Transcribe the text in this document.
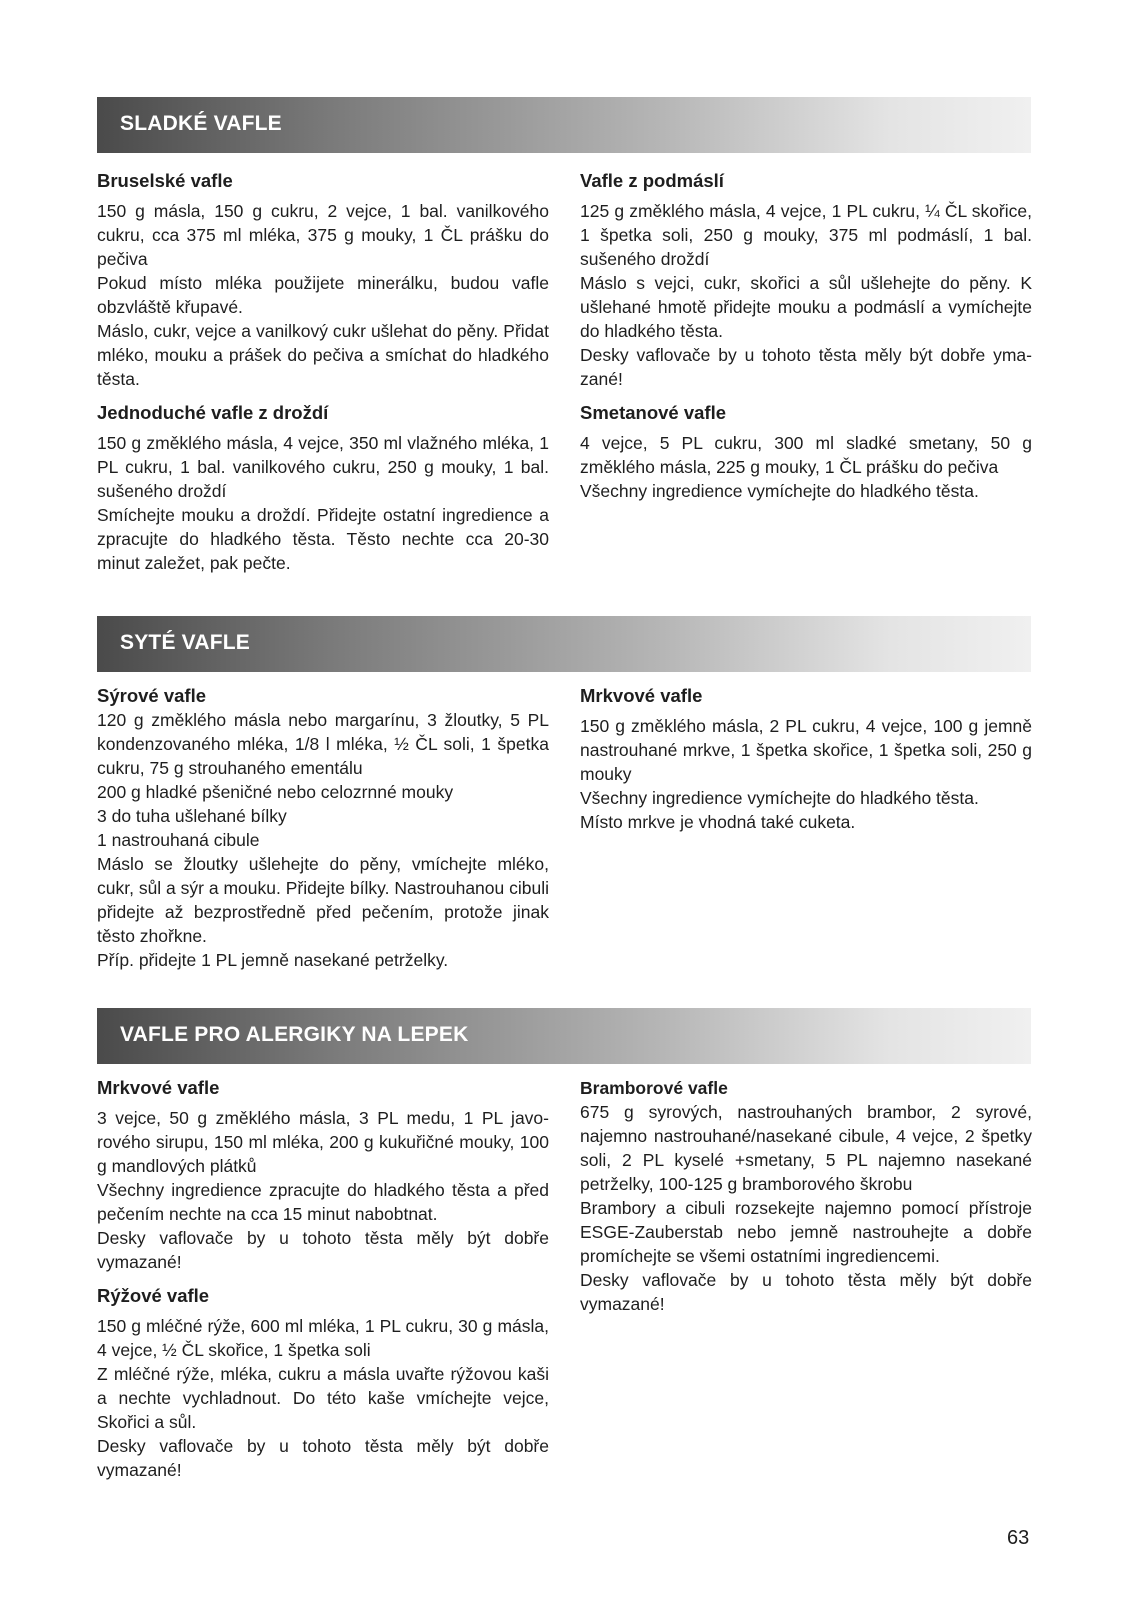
SLADKÉ VAFLE
Bruselské vafle

150 g másla, 150 g cukru, 2 vejce, 1 bal. vanilkového cukru, cca 375 ml mléka, 375 g mouky, 1 ČL prášku do pečiva

Pokud místo mléka použijete minerálku, budou vafle obzvláště křupavé.

Máslo, cukr, vejce a vanilkový cukr ušlehat do pěny. Přidat mléko, mouku a prášek do pečiva a smíchat do hladkého těsta.

Jednoduché vafle z droždí

150 g změklého másla, 4 vejce, 350 ml vlažného mléka, 1 PL cukru, 1 bal. vanilkového cukru, 250 g mouky, 1 bal. sušeného droždí

Smíchejte mouku a droždí. Přidejte ostatní ingredience a zpracujte do hladkého těsta. Těsto nechte cca 20-30 minut zaležet, pak pečte.

Vafle z podmáslí

125 g změklého másla, 4 vejce, 1 PL cukru, ¼ ČL skořice, 1 špetka soli, 250 g mouky, 375 ml podmáslí, 1 bal. sušeného droždí

Máslo s vejci, cukr, skořici a sůl ušlehejte do pěny. K ušlehané hmotě přidejte mouku a podmáslí a vymíchejte do hladkého těsta.

Desky vaflovače by u tohoto těsta měly být dobře ymazané!

Smetanové vafle

4 vejce, 5 PL cukru, 300 ml sladké smetany, 50 g změklého másla, 225 g mouky, 1 ČL prášku do pečiva

Všechny ingredience vymíchejte do hladkého těsta.

SYTÉ VAFLE
Sýrové vafle

120 g změklého másla nebo margarínu, 3 žloutky, 5 PL kondenzovaného mléka, 1/8 l mléka, ½ ČL soli, 1 špetka cukru, 75 g strouhaného ementálu

200 g hladké pšeničné nebo celozrnné mouky

3 do tuha ušlehané bílky

1 nastrouhaná cibule

Máslo se žloutky ušlehejte do pěny, vmíchejte mléko, cukr, sůl a sýr a mouku. Přidejte bílky. Nastrouhanou cibuli přidejte až bezprostředně před pečením, protože jinak těsto zhořkne.

Příp. přidejte 1 PL jemně nasekané petrželky.

Mrkvové vafle

150 g změklého másla, 2 PL cukru, 4 vejce, 100 g jemně nastrouhané mrkve, 1 špetka skořice, 1 špetka soli, 250 g mouky

Všechny ingredience vymíchejte do hladkého těsta.

Místo mrkve je vhodná také cuketa.

VAFLE PRO ALERGIKY NA LEPEK
Mrkvové vafle

3 vejce, 50 g změklého másla, 3 PL medu, 1 PL javorového sirupu, 150 ml mléka, 200 g kukuřičné mouky, 100 g mandlových plátků

Všechny ingredience zpracujte do hladkého těsta a před pečením nechte na cca 15 minut nabobtnat.

Desky vaflovače by u tohoto těsta měly být dobře vymazané!

Rýžové vafle

150 g mléčné rýže, 600 ml mléka, 1 PL cukru, 30 g másla, 4 vejce, ½ ČL skořice, 1 špetka soli

Z mléčné rýže, mléka, cukru a másla uvařte rýžovou kaši a nechte vychladnout. Do této kaše vmíchejte vejce, Skořici a sůl.

Desky vaflovače by u tohoto těsta měly být dobře vymazané!

Bramborové vafle

675 g syrových, nastrouhaných brambor, 2 syrové, najemno nastrouhané/nasekané cibule, 4 vejce, 2 špetky soli, 2 PL kyselé +smetany, 5 PL najemno nasekané petrželky, 100-125 g bramborového škrobu

Brambory a cibuli rozsekejte najemno pomocí přístroje ESGE-Zauberstab nebo jemně nastrouhejte a dobře promíchejte se všemi ostatními ingrediencemi.

Desky vaflovače by u tohoto těsta měly být dobře vymazané!

63
